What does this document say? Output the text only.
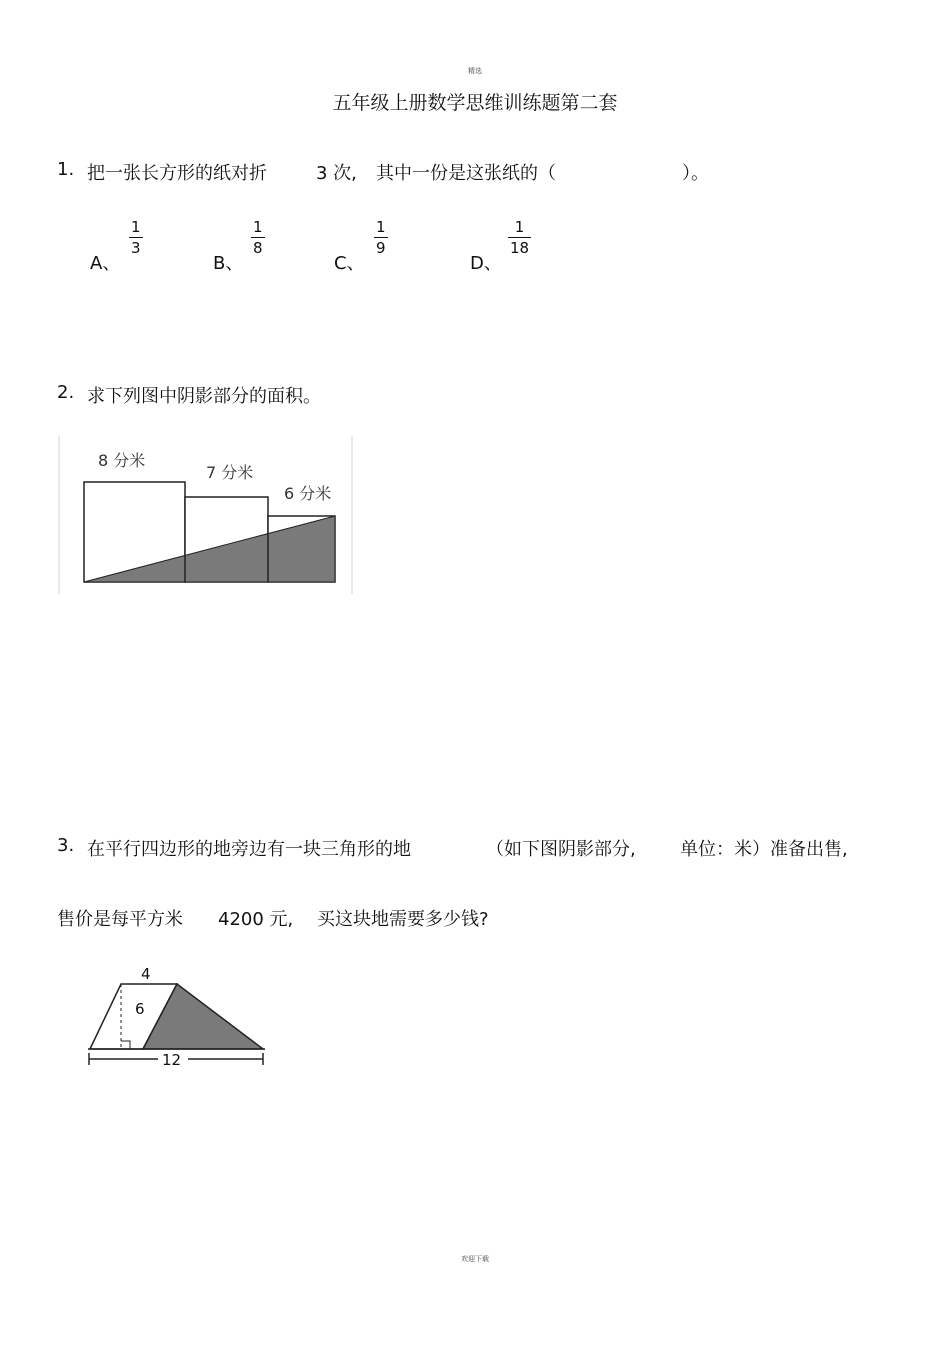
精选
五年级上册数学思维训练题第二套
1. 把一张长方形的纸对折	3 次, 其中一份是这张纸的（	）。
A、
1
3
B、
1
8
C、
1
9
D、
1
18
2. 求下列图中阴影部分的面积。
8 分米
7 分米
6 分米
3. 在平行四边形的地旁边有一块三角形的地	（如下图阴影部分, 单位：米）准备出售,
售价是每平方米 4200 元, 买这块地需要多少钱?
4
6
12
欢迎下载
